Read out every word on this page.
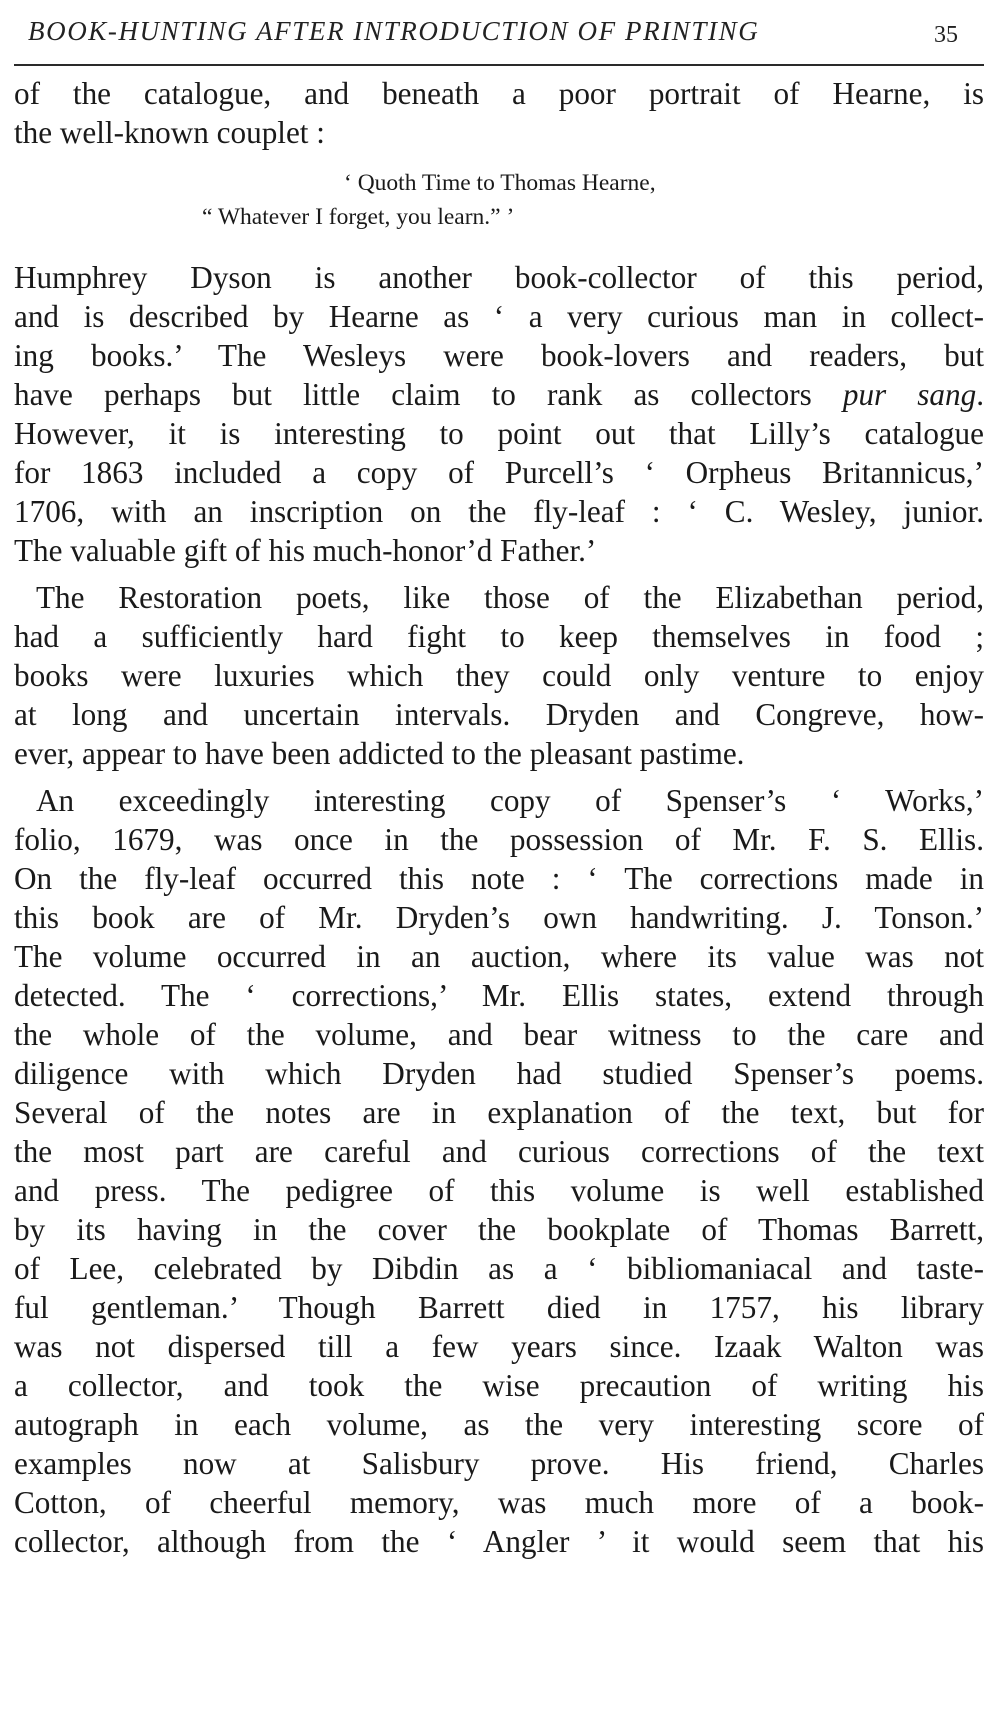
BOOK-HUNTING AFTER INTRODUCTION OF PRINTING	35
of the catalogue, and beneath a poor portrait of Hearne, is
the well-known couplet :
‘ Quoth Time to Thomas Hearne,
“ Whatever I forget, you learn.” ’
Humphrey Dyson is another book-collector of this period,
and is described by Hearne as ‘ a very curious man in collect-
ing books.’ The Wesleys were book-lovers and readers, but
have perhaps but little claim to rank as collectors pur sang.
However, it is interesting to point out that Lilly’s catalogue
for 1863 included a copy of Purcell’s ‘ Orpheus Britannicus,’
1706, with an inscription on the fly-leaf : ‘ C. Wesley, junior.
The valuable gift of his much-honor’d Father.’
The Restoration poets, like those of the Elizabethan period,
had a sufficiently hard fight to keep themselves in food ;
books were luxuries which they could only venture to enjoy
at long and uncertain intervals. Dryden and Congreve, how-
ever, appear to have been addicted to the pleasant pastime.
An exceedingly interesting copy of Spenser’s ‘ Works,’
folio, 1679, was once in the possession of Mr. F. S. Ellis.
On the fly-leaf occurred this note : ‘ The corrections made in
this book are of Mr. Dryden’s own handwriting. J. Tonson.’
The volume occurred in an auction, where its value was not
detected. The ‘ corrections,’ Mr. Ellis states, extend through
the whole of the volume, and bear witness to the care and
diligence with which Dryden had studied Spenser’s poems.
Several of the notes are in explanation of the text, but for
the most part are careful and curious corrections of the text
and press. The pedigree of this volume is well established
by its having in the cover the bookplate of Thomas Barrett,
of Lee, celebrated by Dibdin as a ‘ bibliomaniacal and taste-
ful gentleman.’ Though Barrett died in 1757, his library
was not dispersed till a few years since. Izaak Walton was
a collector, and took the wise precaution of writing his
autograph in each volume, as the very interesting score of
examples now at Salisbury prove. His friend, Charles
Cotton, of cheerful memory, was much more of a book-
collector, although from the ‘ Angler ’ it would seem that his
